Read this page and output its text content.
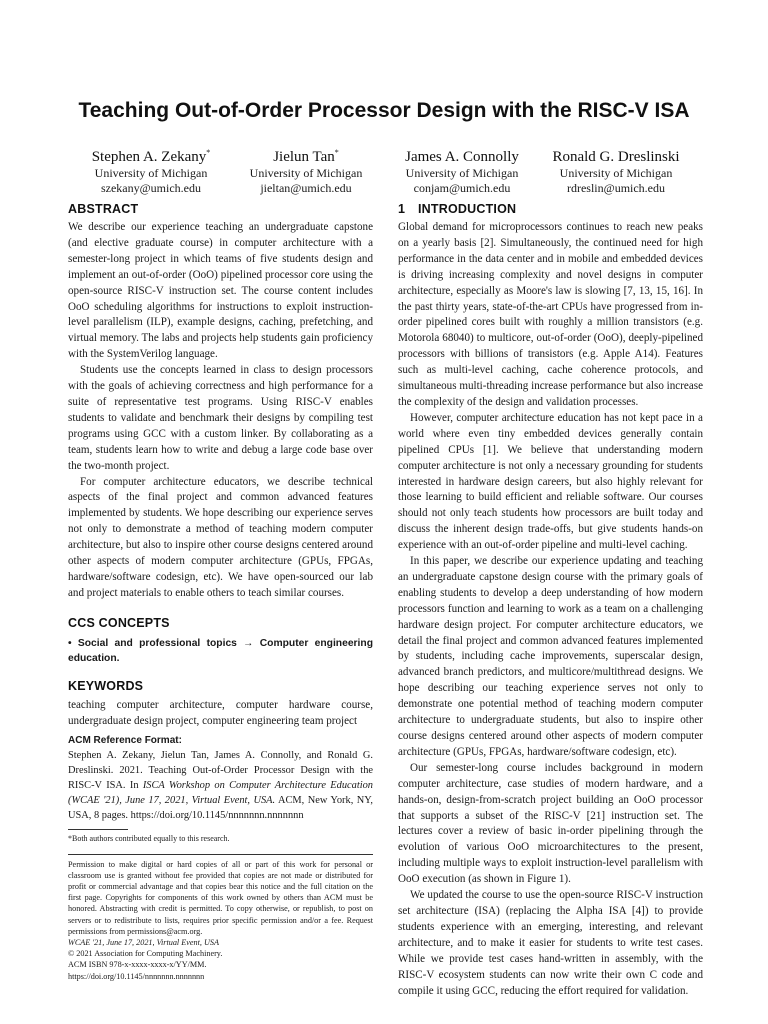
Teaching Out-of-Order Processor Design with the RISC-V ISA
Stephen A. Zekany*
University of Michigan
szekany@umich.edu
Jielun Tan*
University of Michigan
jieltan@umich.edu
James A. Connolly
University of Michigan
conjam@umich.edu
Ronald G. Dreslinski
University of Michigan
rdreslin@umich.edu
ABSTRACT

We describe our experience teaching an undergraduate capstone (and elective graduate course) in computer architecture with a semester-long project in which teams of five students design and implement an out-of-order (OoO) pipelined processor core using the open-source RISC-V instruction set. The course content includes OoO scheduling algorithms for instructions to exploit instruction-level parallelism (ILP), example designs, caching, prefetching, and virtual memory. The labs and projects help students gain proficiency with the SystemVerilog language.

Students use the concepts learned in class to design processors with the goals of achieving correctness and high performance for a suite of representative test programs. Using RISC-V enables students to validate and benchmark their designs by compiling test programs using GCC with a custom linker. By collaborating as a team, students learn how to write and debug a large code base over the two-month project.

For computer architecture educators, we describe technical aspects of the final project and common advanced features implemented by students. We hope describing our experience serves not only to demonstrate a method of teaching modern computer architecture, but also to inspire other course designs centered around other aspects of modern computer architecture (GPUs, FPGAs, hardware/software codesign, etc). We have open-sourced our lab and project materials to enable others to teach similar courses.

CCS CONCEPTS
• Social and professional topics → Computer engineering education.
KEYWORDS

teaching computer architecture, computer hardware course, undergraduate design project, computer engineering team project

ACM Reference Format:
Stephen A. Zekany, Jielun Tan, James A. Connolly, and Ronald G. Dreslinski. 2021. Teaching Out-of-Order Processor Design with the RISC-V ISA. In ISCA Workshop on Computer Architecture Education (WCAE '21), June 17, 2021, Virtual Event, USA. ACM, New York, NY, USA, 8 pages. https://doi.org/10.1145/nnnnnnn.nnnnnnn
*Both authors contributed equally to this research.
Permission to make digital or hard copies of all or part of this work for personal or classroom use is granted without fee provided that copies are not made or distributed for profit or commercial advantage and that copies bear this notice and the full citation on the first page. Copyrights for components of this work owned by others than ACM must be honored. Abstracting with credit is permitted. To copy otherwise, or republish, to post on servers or to redistribute to lists, requires prior specific permission and/or a fee. Request permissions from permissions@acm.org.
WCAE '21, June 17, 2021, Virtual Event, USA
© 2021 Association for Computing Machinery.
ACM ISBN 978-x-xxxx-xxxx-x/YY/MM.
https://doi.org/10.1145/nnnnnnn.nnnnnnn
1 INTRODUCTION

Global demand for microprocessors continues to reach new peaks on a yearly basis [2]. Simultaneously, the continued need for high performance in the data center and in mobile and embedded devices is driving increasing complexity and novel designs in computer architecture, especially as Moore's law is slowing [7, 13, 15, 16]. In the past thirty years, state-of-the-art CPUs have progressed from in-order pipelined cores built with roughly a million transistors (e.g. Motorola 68040) to multicore, out-of-order (OoO), deeply-pipelined processors with billions of transistors (e.g. Apple A14). Features such as multi-level caching, cache coherence protocols, and simultaneous multi-threading increase performance but also increase the complexity of the design and validation processes.

However, computer architecture education has not kept pace in a world where even tiny embedded devices generally contain pipelined CPUs [1]. We believe that understanding modern computer architecture is not only a necessary grounding for students interested in hardware design careers, but also highly relevant for those learning to build efficient and reliable software. Our courses should not only teach students how processors are built today and discuss the inherent design trade-offs, but give students hands-on experience with an out-of-order pipeline and multi-level caching.

In this paper, we describe our experience updating and teaching an undergraduate capstone design course with the primary goals of enabling students to develop a deep understanding of how modern processors function and learning to work as a team on a challenging hardware design project. For computer architecture educators, we detail the final project and common advanced features implemented by students, including cache improvements, superscalar design, advanced branch predictors, and multicore/multithread designs. We hope describing our teaching experience serves not only to demonstrate one potential method of teaching modern computer architecture to undergraduate students, but also to inspire other course designs centered around other aspects of modern computer architecture (GPUs, FPGAs, hardware/software codesign, etc).

Our semester-long course includes background in modern computer architecture, case studies of modern hardware, and a hands-on, design-from-scratch project building an OoO processor that supports a subset of the RISC-V [21] instruction set. The lectures cover a review of basic in-order pipelining through the evolution of various OoO microarchitectures to the present, including multiple ways to exploit instruction-level parallelism with OoO execution (as shown in Figure 1).

We updated the course to use the open-source RISC-V instruction set architecture (ISA) (replacing the Alpha ISA [4]) to provide students experience with an emerging, interesting, and relevant architecture, and to make it easier for students to write test cases. While we provide test cases hand-written in assembly, with the RISC-V ecosystem students can now write their own C code and compile it using GCC, reducing the effort required for validation.
